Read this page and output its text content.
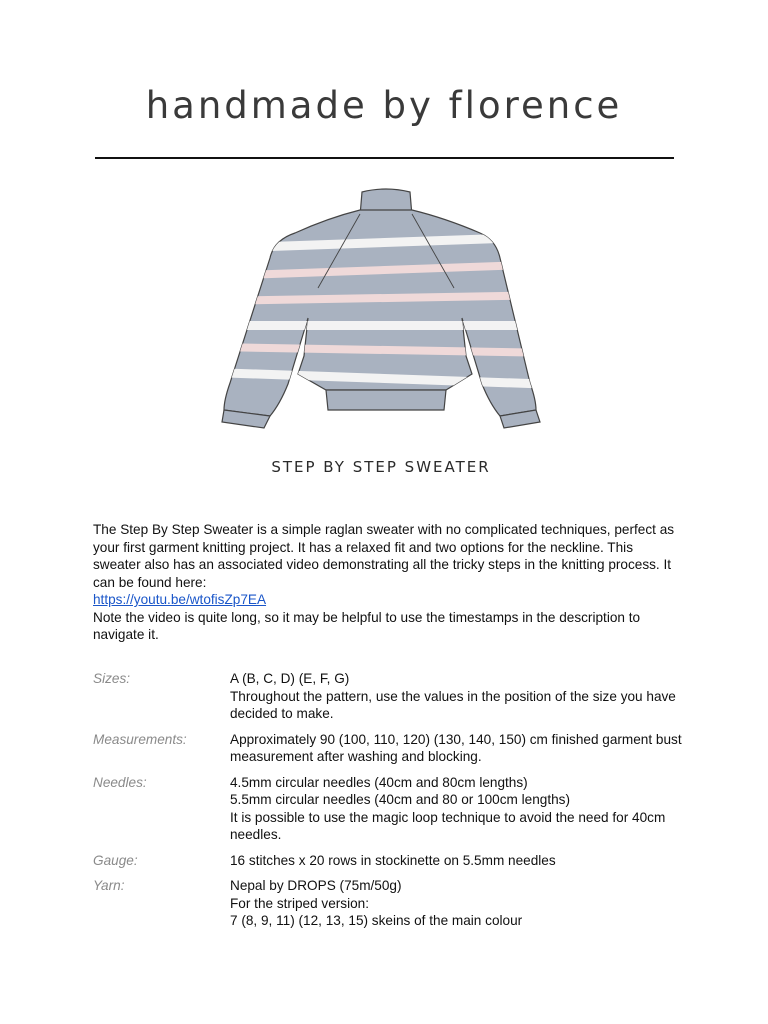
handmade by florence
STEP BY STEP SWEATER

The Step By Step Sweater is a simple raglan sweater with no complicated techniques, perfect as your first garment knitting project. It has a relaxed fit and two options for the neckline. This sweater also has an associated video demonstrating all the tricky steps in the knitting process. It can be found here:

https://youtu.be/wtofisZp7EA

Note the video is quite long, so it may be helpful to use the timestamps in the description to navigate it.

Sizes:	A (B, C, D) (E, F, G)
Throughout the pattern, use the values in the position of the size you have decided to make.
Measurements:	Approximately 90 (100, 110, 120) (130, 140, 150) cm finished garment bust measurement after washing and blocking.
Needles:	4.5mm circular needles (40cm and 80cm lengths)
5.5mm circular needles (40cm and 80 or 100cm lengths)
It is possible to use the magic loop technique to avoid the need for 40cm needles.
Gauge:	16 stitches x 20 rows in stockinette on 5.5mm needles
Yarn:	Nepal by DROPS (75m/50g)
For the striped version:
7 (8, 9, 11) (12, 13, 15) skeins of the main colour
